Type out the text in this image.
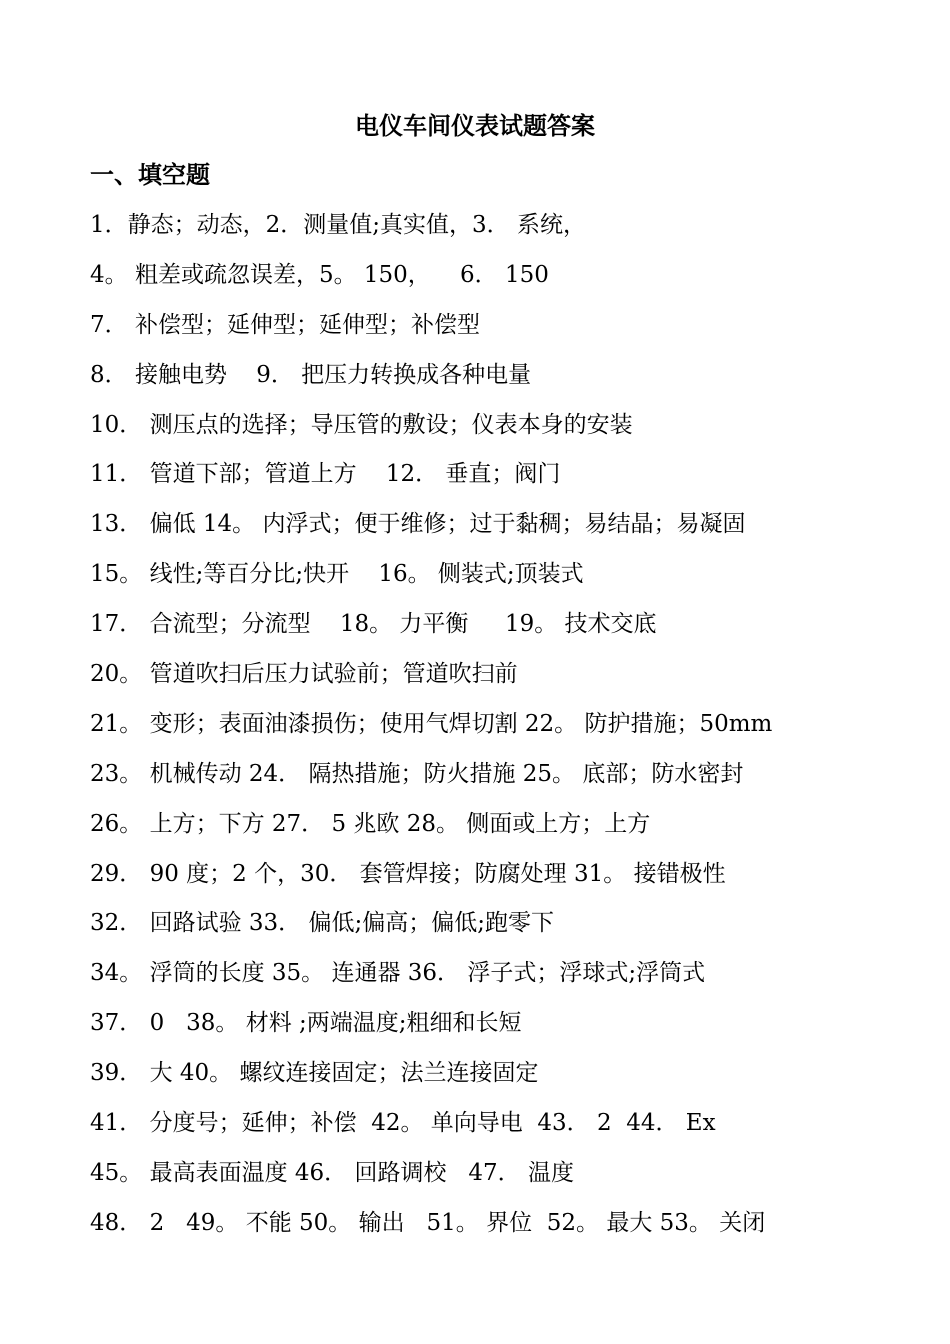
电仪车间仪表试题答案
一、填空题
1．静态；动态，2．测量值;真实值，3． 系统，
4。 粗差或疏忽误差，5。 150，    6． 150
7． 补偿型；延伸型；延伸型；补偿型
8． 接触电势    9． 把压力转换成各种电量
10． 测压点的选择；导压管的敷设；仪表本身的安装
11． 管道下部；管道上方    12． 垂直；阀门
13． 偏低 14。 内浮式；便于维修；过于黏稠；易结晶；易凝固
15。 线性;等百分比;快开    16。 侧装式;顶装式
17． 合流型；分流型    18。 力平衡     19。 技术交底
20。 管道吹扫后压力试验前；管道吹扫前
21。 变形；表面油漆损伤；使用气焊切割 22。 防护措施；50mm
23。 机械传动 24． 隔热措施；防火措施 25。 底部；防水密封
26。 上方；下方 27． 5 兆欧 28。 侧面或上方；上方
29． 90 度；2 个，30． 套管焊接；防腐处理 31。 接错极性
32． 回路试验 33． 偏低;偏高；偏低;跑零下
34。 浮筒的长度 35。 连通器 36． 浮子式；浮球式;浮筒式
37． 0   38。 材料 ;两端温度;粗细和长短
39． 大 40。 螺纹连接固定；法兰连接固定
41． 分度号；延伸；补偿  42。 单向导电  43． 2  44． Ex
45。 最高表面温度 46． 回路调校   47． 温度
48． 2   49。 不能 50。 输出   51。 界位  52。 最大 53。 关闭
